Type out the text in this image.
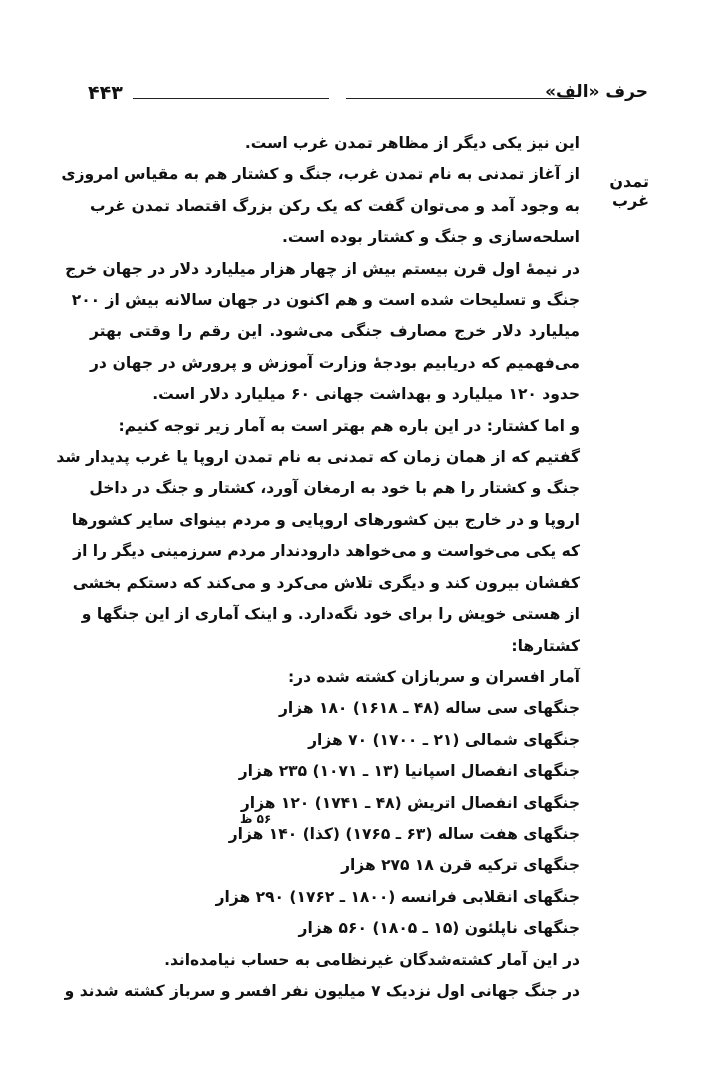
۴۴۳	حرف «الف»
تمدن غرب
این نیز یکی دیگر از مظاهر تمدن غرب است.
از آغاز تمدنی به نام تمدن غرب، جنگ و کشتار هم به مقیاس امروزی
به وجود آمد و می‌توان گفت که یک رکن بزرگ اقتصاد تمدن غرب
اسلحه‌سازی و جنگ و کشتار بوده است.
در نیمهٔ اول قرن بیستم بیش از چهار هزار میلیارد دلار در جهان خرج
جنگ و تسلیحات شده است و هم اکنون در جهان سالانه بیش از ۲۰۰
میلیارد دلار خرج مصارف جنگی می‌شود. این رقم را وقتی بهتر
می‌فهمیم که دریابیم بودجهٔ وزارت آموزش و پرورش در جهان در
حدود ۱۲۰ میلیارد و بهداشت جهانی ۶۰ میلیارد دلار است.
و اما کشتار: در این باره هم بهتر است به آمار زیر توجه کنیم:
گفتیم که از همان زمان که تمدنی به نام تمدن اروپا یا غرب پدیدار شد
جنگ و کشتار را هم با خود به ارمغان آورد، کشتار و جنگ در داخل
اروپا و در خارج بین کشورهای اروپایی و مردم بینوای سایر کشورها
که یکی می‌خواست و می‌خواهد دارودندار مردم سرزمینی دیگر را از
کفشان بیرون کند و دیگری تلاش می‌کرد و می‌کند که دستکم بخشی
از هستی خویش را برای خود نگه‌دارد. و اینک آماری از این جنگها و
کشتارها:
آمار افسران و سربازان کشته شده در:
جنگهای سی ساله (۴۸ ـ ۱۶۱۸) ۱۸۰ هزار
جنگهای شمالی (۲۱ ـ ۱۷۰۰) ۷۰ هزار
جنگهای انفصال اسپانیا (۱۳ ـ ۱۰۷۱) ۲۳۵ هزار
جنگهای انفصال اتریش (۴۸ ـ ۱۷۴۱) ۱۲۰ هزار
جنگهای هفت ساله (۶۳ ـ ۱۷۶۵) (کذا) ۱۴۰ هزار
جنگهای ترکیه قرن ۱۸ ۲۷۵ هزار
جنگهای انقلابی فرانسه (۱۸۰۰ ـ ۱۷۶۲) ۲۹۰ هزار
جنگهای ناپلئون (۱۵ ـ ۱۸۰۵) ۵۶۰ هزار
در این آمار کشته‌شدگان غیرنظامی به حساب نیامده‌اند.
در جنگ جهانی اول نزدیک ۷ میلیون نفر افسر و سرباز کشته شدند و
۵۶ ظ
